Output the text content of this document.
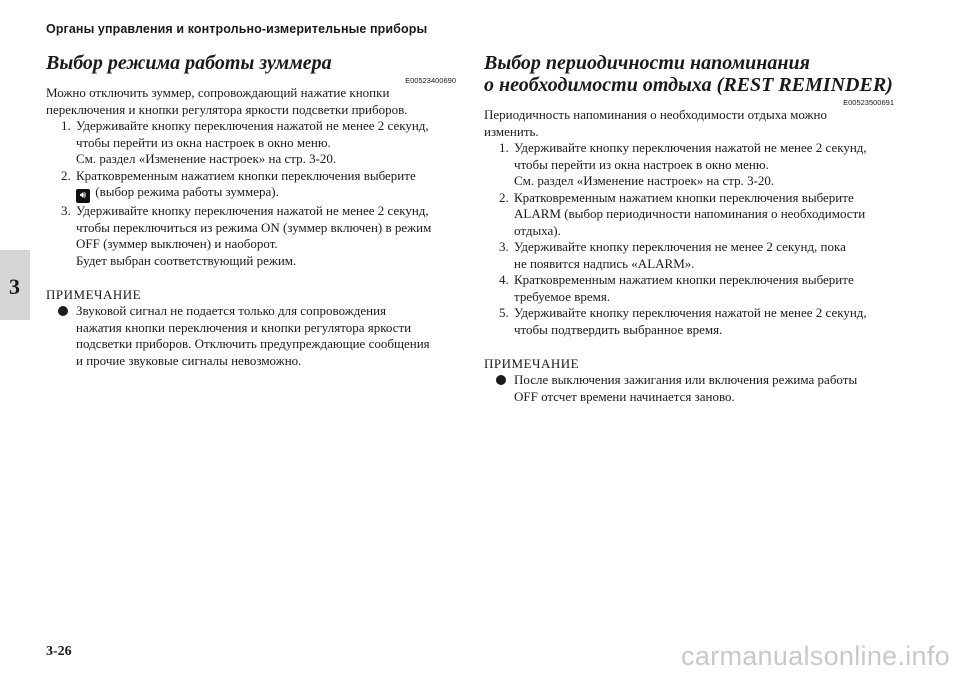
Органы управления и контрольно-измерительные приборы
3
Выбор режима работы зуммера
E00523400690

Можно отключить зуммер, сопровождающий нажатие кнопки
переключения и кнопки регулятора яркости подсветки приборов.

1. Удерживайте кнопку переключения нажатой не менее 2 секунд,
чтобы перейти из окна настроек в окно меню.
См. раздел «Изменение настроек» на стр. 3-20.
2. Кратковременным нажатием кнопки переключения выберите
🔊︎ (выбор режима работы зуммера).
3. Удерживайте кнопку переключения нажатой не менее 2 секунд,
чтобы переключиться из режима ON (зуммер включен) в режим
OFF (зуммер выключен) и наоборот.
Будет выбран соответствующий режим.
ПРИМЕЧАНИЕ
Звуковой сигнал не подается только для сопровождения
нажатия кнопки переключения и кнопки регулятора яркости
подсветки приборов. Отключить предупреждающие сообщения
и прочие звуковые сигналы невозможно.
Выбор периодичности напоминания
о необходимости отдыха (REST REMINDER)
E00523500691

Периодичность напоминания о необходимости отдыха можно
изменить.

1. Удерживайте кнопку переключения нажатой не менее 2 секунд,
чтобы перейти из окна настроек в окно меню.
См. раздел «Изменение настроек» на стр. 3-20.
2. Кратковременным нажатием кнопки переключения выберите
ALARM (выбор периодичности напоминания о необходимости
отдыха).
3. Удерживайте кнопку переключения не менее 2 секунд, пока
не появится надпись «ALARM».
4. Кратковременным нажатием кнопки переключения выберите
требуемое время.
5. Удерживайте кнопку переключения нажатой не менее 2 секунд,
чтобы подтвердить выбранное время.
ПРИМЕЧАНИЕ
После выключения зажигания или включения режима работы
OFF отсчет времени начинается заново.
3-26	carmanualsonline.info
